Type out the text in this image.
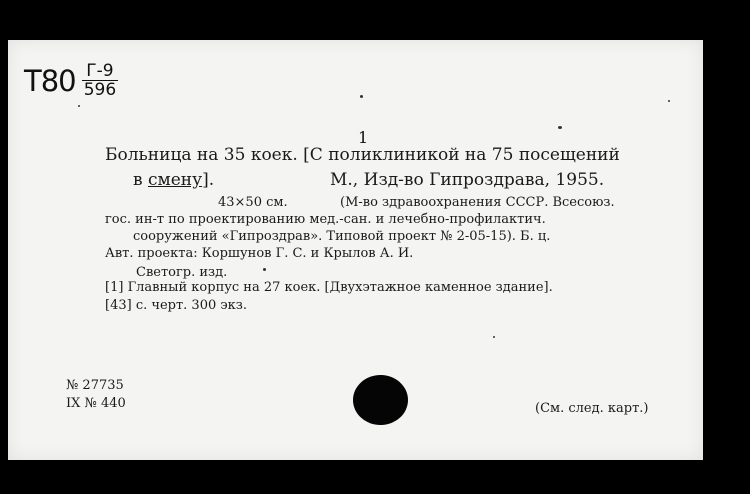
$Т80 \frac{Г-9}{596}$
1
Больница на 35 коек. [С поликлиникой на 75 посещений
в смену].	М., Изд-во Гипроздрава, 1955.
43×50 см.	(М-во здравоохранения СССР. Всесоюз.
гос. ин-т по проектированию мед.-сан. и лечебно-профилактич.
сооружений «Гипроздрав». Типовой проект № 2-05-15). Б. ц.
Авт. проекта: Коршунов Г. С. и Крылов А. И.
Светогр. изд.
[1] Главный корпус на 27 коек. [Двухэтажное каменное здание].
[43] с. черт. 300 экз.
№ 27735
IX № 440	(См. след. карт.)
